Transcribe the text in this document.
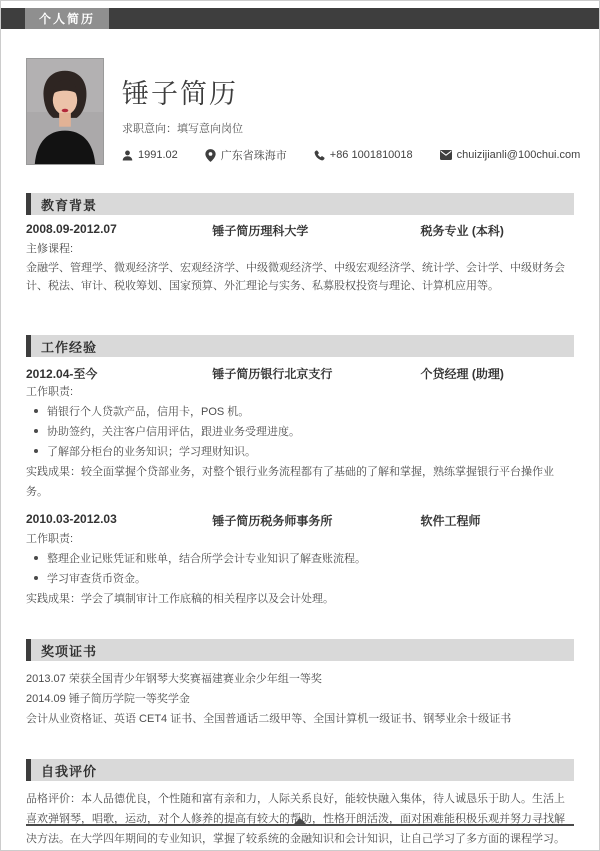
个人简历
锤子简历
求职意向：填写意向岗位
1991.02	广东省珠海市	+86 1001810018	chuizijianli@100chui.com
教育背景
2008.09-2012.07	锤子简历理科大学	税务专业 (本科)
主修课程:
金融学、管理学、微观经济学、宏观经济学、中级微观经济学、中级宏观经济学、统计学、会计学、中级财务会计、税法、审计、税收筹划、国家预算、外汇理论与实务、私募股权投资与理论、计算机应用等。
工作经验
2012.04-至今	锤子简历银行北京支行	个贷经理 (助理)
工作职责:
销银行个人贷款产品，信用卡，POS 机。
协助签约，关注客户信用评估，跟进业务受理进度。
了解部分柜台的业务知识；学习理财知识。
实践成果：较全面掌握个贷部业务，对整个银行业务流程都有了基础的了解和掌握，熟练掌握银行平台操作业务。
2010.03-2012.03	锤子简历税务师事务所	软件工程师
工作职责:
整理企业记账凭证和账单，结合所学会计专业知识了解查账流程。
学习审查货币资金。
实践成果：学会了填制审计工作底稿的相关程序以及会计处理。
奖项证书
2013.07 荣获全国青少年钢琴大奖赛福建赛业余少年组一等奖
2014.09 锤子简历学院一等奖学金
会计从业资格证、英语 CET4 证书、全国普通话二级甲等、全国计算机一级证书、钢琴业余十级证书
自我评价
品格评价：本人品德优良，个性随和富有亲和力，人际关系良好，能较快融入集体，待人诚恳乐于助人。生活上喜欢弹钢琴，唱歌，运动，对个人修养的提高有较大的帮助，性格开朗活泼，面对困难能积极乐观并努力寻找解决方法。在大学四年期间的专业知识，掌握了较系统的金融知识和会计知识，让自己学习了多方面的课程学习。
